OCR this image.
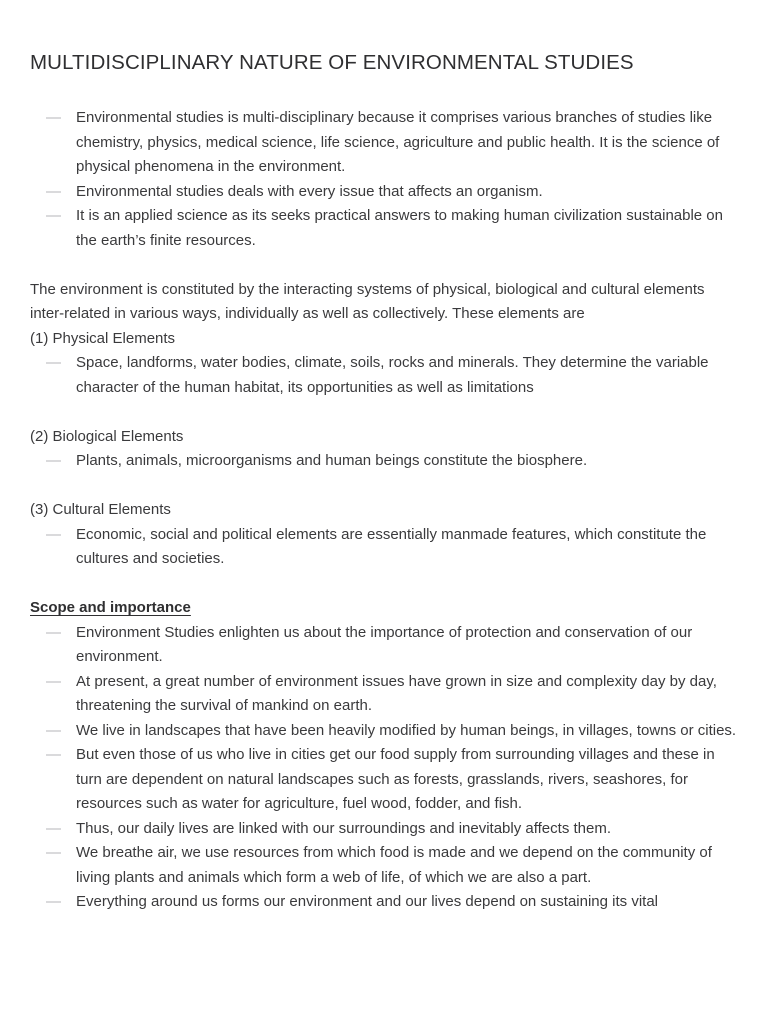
MULTIDISCIPLINARY NATURE OF ENVIRONMENTAL STUDIES
— Environmental studies is multi-disciplinary because it comprises various branches of studies like chemistry, physics, medical science, life science, agriculture and public health. It is the science of physical phenomena in the environment.
— Environmental studies deals with every issue that affects an organism.
— It is an applied science as its seeks practical answers to making human civilization sustainable on the earth’s finite resources.

The environment is constituted by the interacting systems of physical, biological and cultural elements inter-related in various ways, individually as well as collectively. These elements are

(1) Physical Elements

— Space, landforms, water bodies, climate, soils, rocks and minerals. They determine the variable character of the human habitat, its opportunities as well as limitations

(2) Biological Elements

— Plants, animals, microorganisms and human beings constitute the biosphere.

(3) Cultural Elements

— Economic, social and political elements are essentially manmade features, which constitute the cultures and societies.
Scope and importance
— Environment Studies enlighten us about the importance of protection and conservation of our environment.
— At present, a great number of environment issues have grown in size and complexity day by day, threatening the survival of mankind on earth.
— We live in landscapes that have been heavily modified by human beings, in villages, towns or cities.
— But even those of us who live in cities get our food supply from surrounding villages and these in turn are dependent on natural landscapes such as forests, grasslands, rivers, seashores, for resources such as water for agriculture, fuel wood, fodder, and fish.
— Thus, our daily lives are linked with our surroundings and inevitably affects them.
— We breathe air, we use resources from which food is made and we depend on the community of living plants and animals which form a web of life, of which we are also a part.
— Everything around us forms our environment and our lives depend on sustaining its vital
